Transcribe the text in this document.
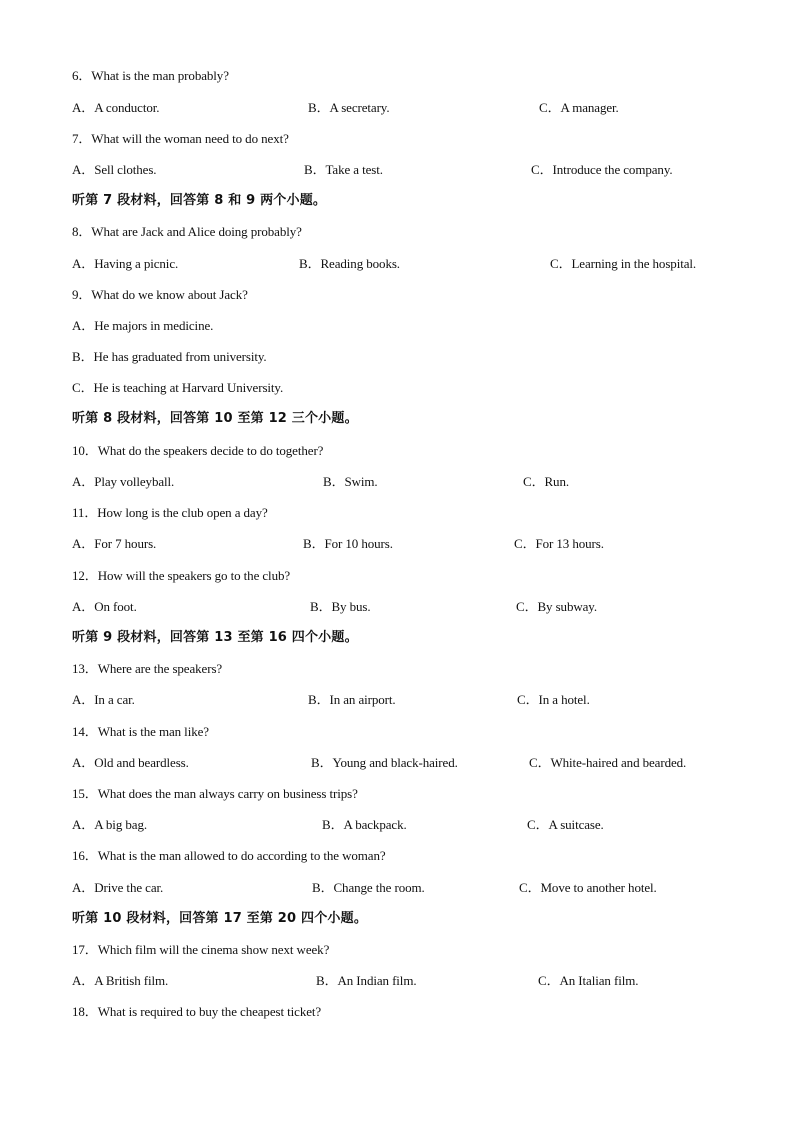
6．What is the man probably?
A．A conductor.	B．A secretary.	C．A manager.
7．What will the woman need to do next?
A．Sell clothes.	B．Take a test.	C．Introduce the company.
听第 7 段材料，回答第 8 和 9 两个小题。
8．What are Jack and Alice doing probably?
A．Having a picnic.	B．Reading books.	C．Learning in the hospital.
9．What do we know about Jack?
A．He majors in medicine.
B．He has graduated from university.
C．He is teaching at Harvard University.
听第 8 段材料，回答第 10 至第 12 三个小题。
10．What do the speakers decide to do together?
A．Play volleyball.	B．Swim.	C．Run.
11．How long is the club open a day?
A．For 7 hours.	B．For 10 hours.	C．For 13 hours.
12．How will the speakers go to the club?
A．On foot.	B．By bus.	C．By subway.
听第 9 段材料，回答第 13 至第 16 四个小题。
13．Where are the speakers?
A．In a car.	B．In an airport.	C．In a hotel.
14．What is the man like?
A．Old and beardless.	B．Young and black-haired.	C．White-haired and bearded.
15．What does the man always carry on business trips?
A．A big bag.	B．A backpack.	C．A suitcase.
16．What is the man allowed to do according to the woman?
A．Drive the car.	B．Change the room.	C．Move to another hotel.
听第 10 段材料，回答第 17 至第 20 四个小题。
17．Which film will the cinema show next week?
A．A British film.	B．An Indian film.	C．An Italian film.
18．What is required to buy the cheapest ticket?
